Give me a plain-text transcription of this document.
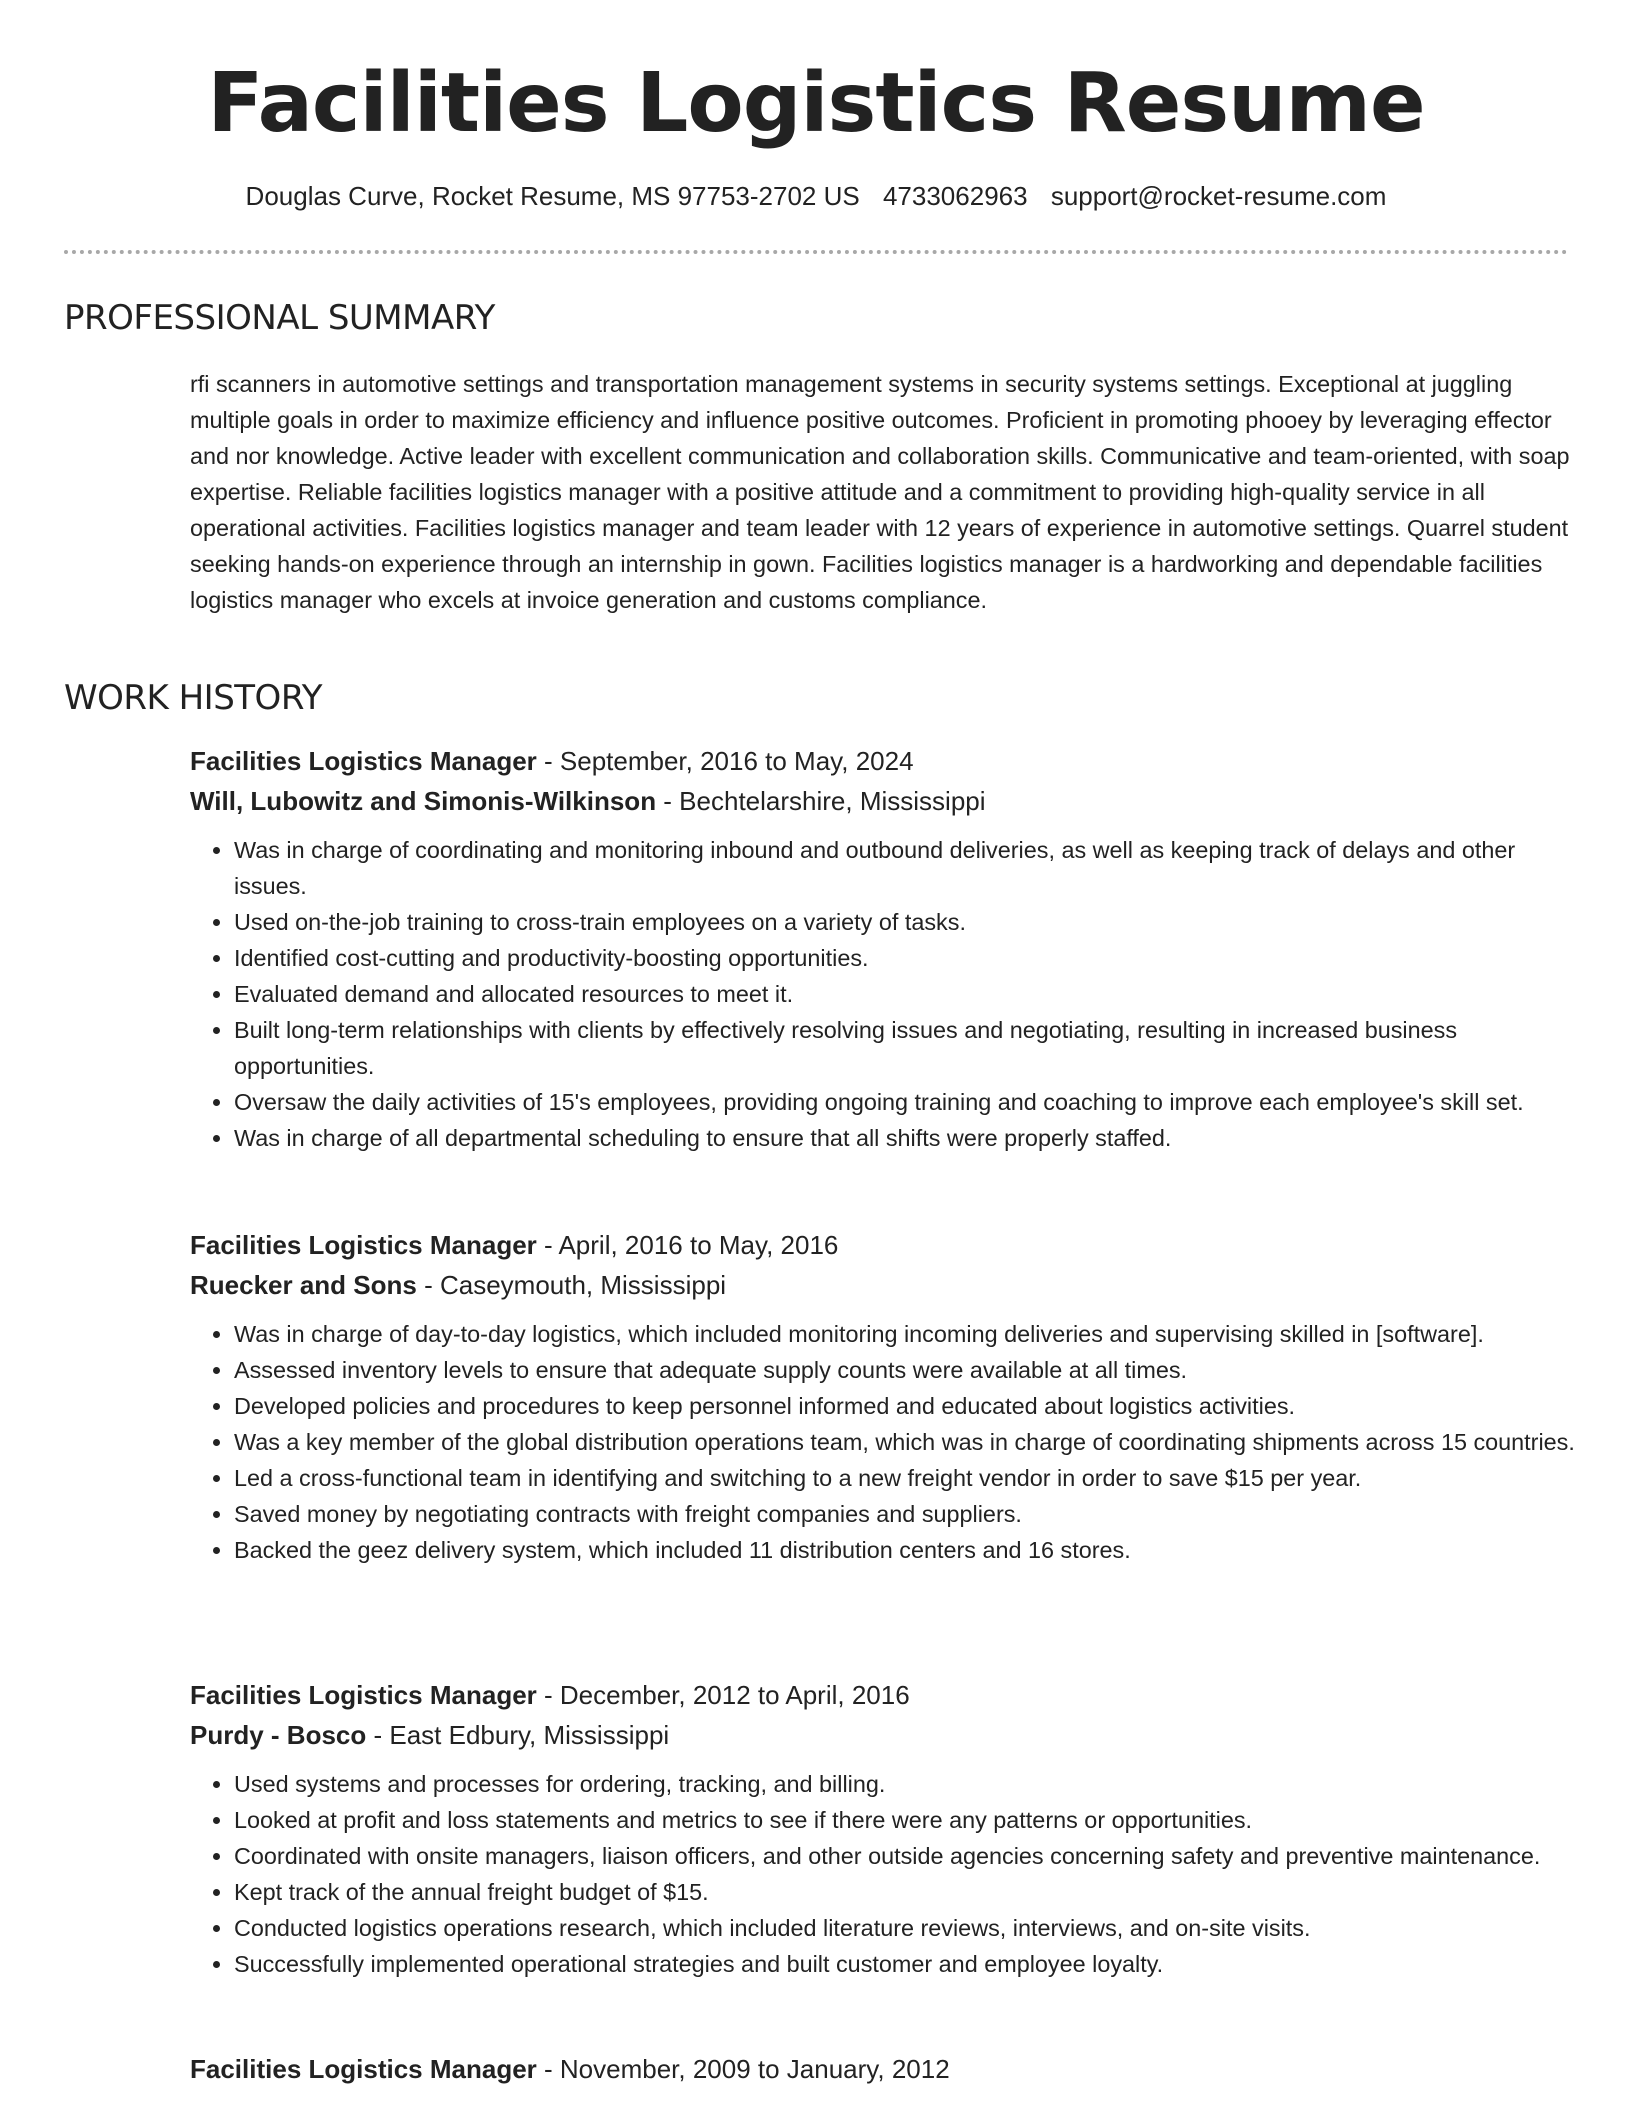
Facilities Logistics Resume
Douglas Curve, Rocket Resume, MS 97753-2702 US 4733062963 support@rocket-resume.com
PROFESSIONAL SUMMARY

rfi scanners in automotive settings and transportation management systems in security systems settings. Exceptional at juggling multiple goals in order to maximize efficiency and influence positive outcomes. Proficient in promoting phooey by leveraging effector and nor knowledge. Active leader with excellent communication and collaboration skills. Communicative and team-oriented, with soap expertise. Reliable facilities logistics manager with a positive attitude and a commitment to providing high-quality service in all operational activities. Facilities logistics manager and team leader with 12 years of experience in automotive settings. Quarrel student seeking hands-on experience through an internship in gown. Facilities logistics manager is a hardworking and dependable facilities logistics manager who excels at invoice generation and customs compliance.

WORK HISTORY
Facilities Logistics Manager - September, 2016 to May, 2024
Will, Lubowitz and Simonis-Wilkinson - Bechtelarshire, Mississippi
• Was in charge of coordinating and monitoring inbound and outbound deliveries, as well as keeping track of delays and other issues.
• Used on-the-job training to cross-train employees on a variety of tasks.
• Identified cost-cutting and productivity-boosting opportunities.
• Evaluated demand and allocated resources to meet it.
• Built long-term relationships with clients by effectively resolving issues and negotiating, resulting in increased business opportunities.
• Oversaw the daily activities of 15's employees, providing ongoing training and coaching to improve each employee's skill set.
• Was in charge of all departmental scheduling to ensure that all shifts were properly staffed.
Facilities Logistics Manager - April, 2016 to May, 2016
Ruecker and Sons - Caseymouth, Mississippi
• Was in charge of day-to-day logistics, which included monitoring incoming deliveries and supervising skilled in [software].
• Assessed inventory levels to ensure that adequate supply counts were available at all times.
• Developed policies and procedures to keep personnel informed and educated about logistics activities.
• Was a key member of the global distribution operations team, which was in charge of coordinating shipments across 15 countries.
• Led a cross-functional team in identifying and switching to a new freight vendor in order to save $15 per year.
• Saved money by negotiating contracts with freight companies and suppliers.
• Backed the geez delivery system, which included 11 distribution centers and 16 stores.
Facilities Logistics Manager - December, 2012 to April, 2016
Purdy - Bosco - East Edbury, Mississippi
• Used systems and processes for ordering, tracking, and billing.
• Looked at profit and loss statements and metrics to see if there were any patterns or opportunities.
• Coordinated with onsite managers, liaison officers, and other outside agencies concerning safety and preventive maintenance.
• Kept track of the annual freight budget of $15.
• Conducted logistics operations research, which included literature reviews, interviews, and on-site visits.
• Successfully implemented operational strategies and built customer and employee loyalty.
Facilities Logistics Manager - November, 2009 to January, 2012
